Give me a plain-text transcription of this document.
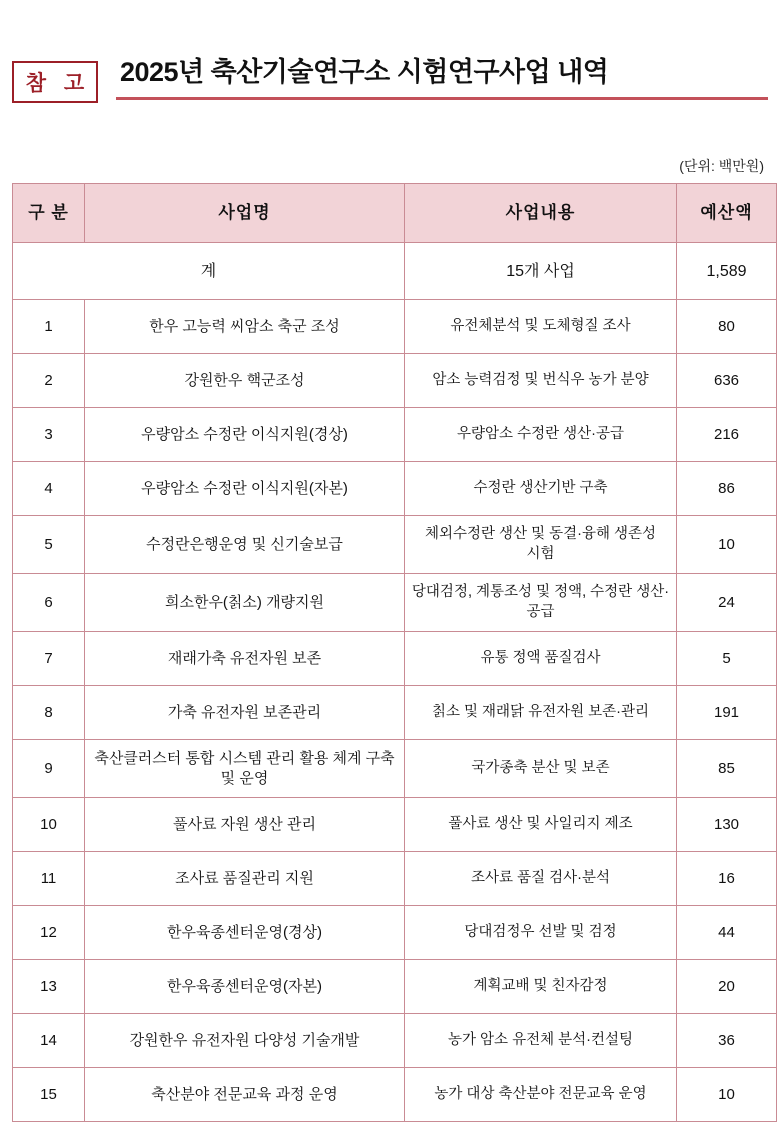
참 고 2025년 축산기술연구소 시험연구사업 내역
(단위: 백만원)
구 분	사업명	사업내용	예산액
계		15개 사업	1,589
1	한우 고능력 씨암소 축군 조성	유전체분석 및 도체형질 조사	80
2	강원한우 핵군조성	암소 능력검정 및 번식우 농가 분양	636
3	우량암소 수정란 이식지원(경상)	우량암소 수정란 생산·공급	216
4	우량암소 수정란 이식지원(자본)	수정란 생산기반 구축	86
5	수정란은행운영 및 신기술보급	체외수정란 생산 및 동결·융해 생존성 시험	10
6	희소한우(칡소) 개량지원	당대검정, 계통조성 및 정액, 수정란 생산·공급	24
7	재래가축 유전자원 보존	유통 정액 품질검사	5
8	가축 유전자원 보존관리	칡소 및 재래닭 유전자원 보존·관리	191
9	축산클러스터 통합 시스템 관리 활용 체계 구축 및 운영	국가종축 분산 및 보존	85
10	풀사료 자원 생산 관리	풀사료 생산 및 사일리지 제조	130
11	조사료 품질관리 지원	조사료 품질 검사·분석	16
12	한우육종센터운영(경상)	당대검정우 선발 및 검정	44
13	한우육종센터운영(자본)	계획교배 및 친자감정	20
14	강원한우 유전자원 다양성 기술개발	농가 암소 유전체 분석·컨설팅	36
15	축산분야 전문교육 과정 운영	농가 대상 축산분야 전문교육 운영	10
